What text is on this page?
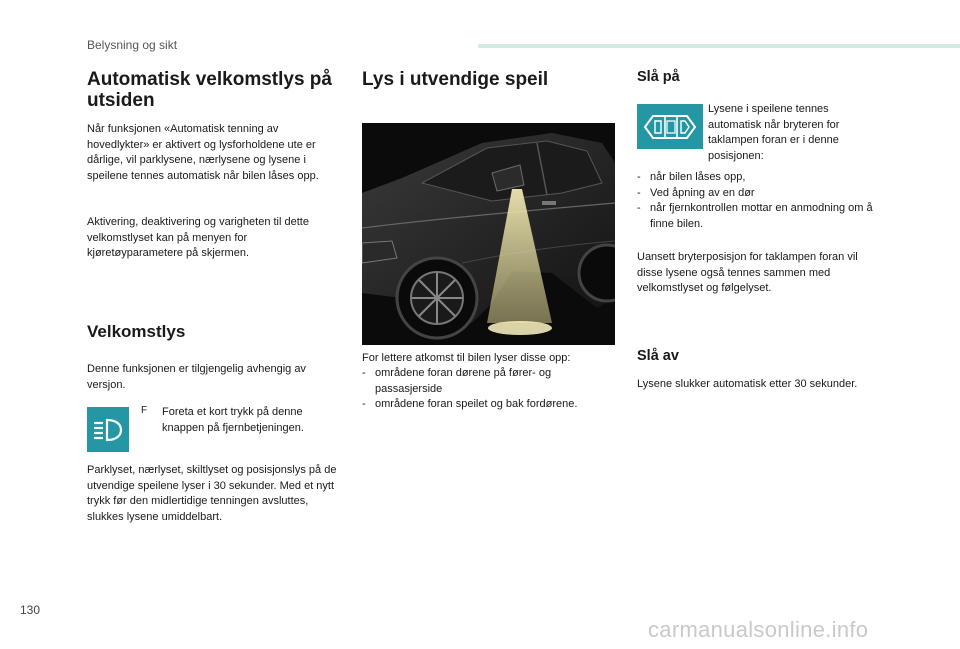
Belysning og sikt
Automatisk velkomstlys på utsiden

Når funksjonen «Automatisk tenning av hovedlykter» er aktivert og lysforholdene ute er dårlige, vil parklysene, nærlysene og lysene i speilene tennes automatisk når bilen låses opp.

Aktivering, deaktivering og varigheten til dette velkomstlyset kan på menyen for kjøretøyparametere på skjermen.

Velkomstlys

Denne funksjonen er tilgjengelig avhengig av versjon.

F Foreta et kort trykk på denne knappen på fjernbetjeningen.

Parklyset, nærlyset, skiltlyset og posisjonslys på de utvendige speilene lyser i 30 sekunder. Med et nytt trykk før den midlertidige tenningen avsluttes, slukkes lysene umiddelbart.

Lys i utvendige speil

For lettere atkomst til bilen lyser disse opp:

- områdene foran dørene på fører- og passasjerside
- områdene foran speilet og bak fordørene.
Slå på

Lysene i speilene tennes automatisk når bryteren for taklampen foran er i denne posisjonen:

- når bilen låses opp,
- Ved åpning av en dør
- når fjernkontrollen mottar en anmodning om å finne bilen.

Uansett bryterposisjon for taklampen foran vil disse lysene også tennes sammen med velkomstlyset og følgelyset.

Slå av

Lysene slukker automatisk etter 30 sekunder.

130
carmanualsonline.info
